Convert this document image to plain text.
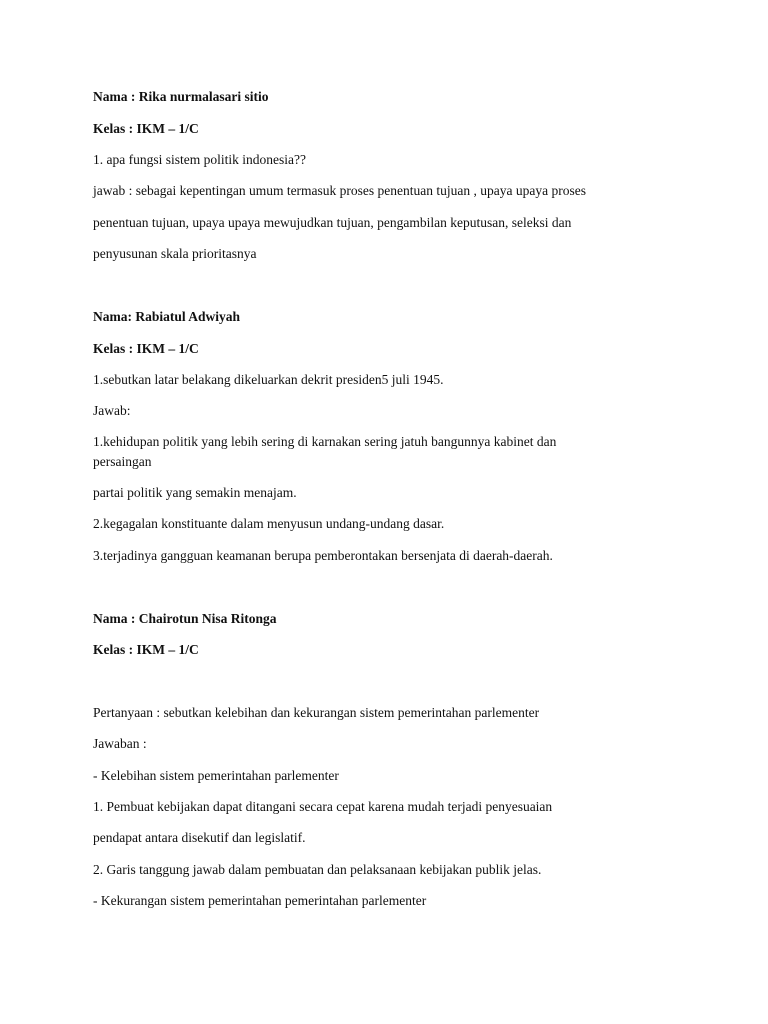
Nama : Rika nurmalasari sitio
Kelas : IKM – 1/C
1. apa fungsi sistem politik indonesia??
jawab : sebagai kepentingan umum termasuk proses penentuan tujuan , upaya upaya proses
penentuan tujuan, upaya upaya mewujudkan tujuan, pengambilan keputusan, seleksi dan
penyusunan skala prioritasnya
Nama: Rabiatul Adwiyah
Kelas : IKM – 1/C
1.sebutkan latar belakang dikeluarkan dekrit presiden5 juli 1945.
Jawab:
1.kehidupan politik yang lebih sering di karnakan sering jatuh bangunnya kabinet dan
persaingan
partai politik yang semakin menajam.
2.kegagalan konstituante dalam menyusun undang-undang dasar.
3.terjadinya gangguan keamanan berupa pemberontakan bersenjata di daerah-daerah.
Nama : Chairotun Nisa Ritonga
Kelas : IKM – 1/C
Pertanyaan : sebutkan kelebihan dan kekurangan sistem pemerintahan parlementer
Jawaban :
- Kelebihan sistem pemerintahan parlementer
1. Pembuat kebijakan dapat ditangani secara cepat karena mudah terjadi penyesuaian
pendapat antara disekutif dan legislatif.
2. Garis tanggung jawab dalam pembuatan dan pelaksanaan kebijakan publik jelas.
- Kekurangan sistem pemerintahan pemerintahan parlementer
